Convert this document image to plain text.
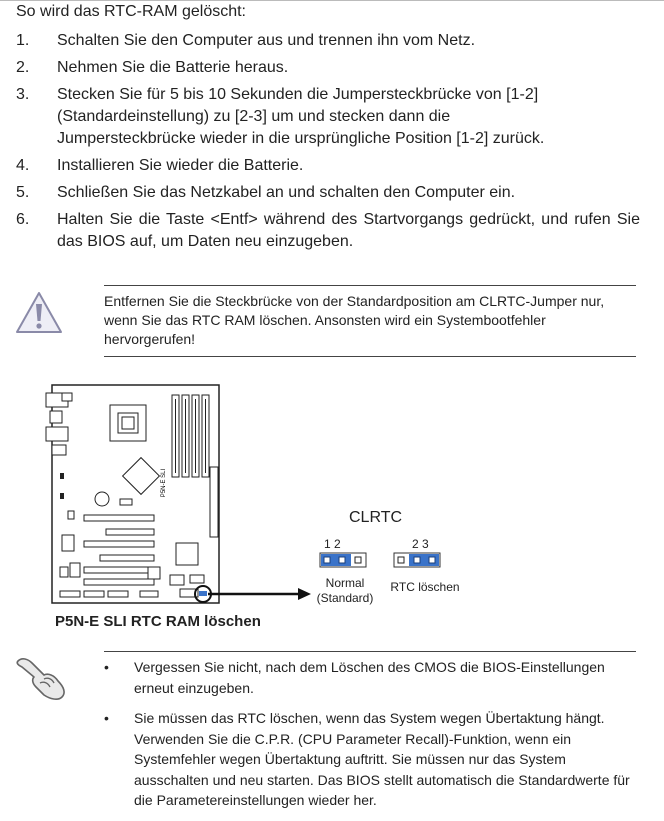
So wird das RTC-RAM gelöscht:
1. Schalten Sie den Computer aus und trennen ihn vom Netz.
2. Nehmen Sie die Batterie heraus.
3. Stecken Sie für 5 bis 10 Sekunden die Jumpersteckbrücke von [1-2] (Standardeinstellung) zu [2-3] um und stecken dann die Jumpersteckbrücke wieder in die ursprüngliche Position [1-2] zurück.
4. Installieren Sie wieder die Batterie.
5. Schließen Sie das Netzkabel an und schalten den Computer ein.
6. Halten Sie die Taste <Entf> während des Startvorgangs gedrückt, und rufen Sie das BIOS auf, um Daten neu einzugeben.
Entfernen Sie die Steckbrücke von der Standardposition am CLRTC-Jumper nur, wenn Sie das RTC RAM löschen. Ansonsten wird ein Systembootfehler hervorgerufen!
P5N-E SLI
P5N-E SLI RTC RAM löschen
CLRTC
1 2
Normal
(Standard)
2 3
RTC löschen
• Vergessen Sie nicht, nach dem Löschen des CMOS die BIOS-Einstellungen erneut einzugeben.
• Sie müssen das RTC löschen, wenn das System wegen Übertaktung hängt. Verwenden Sie die C.P.R. (CPU Parameter Recall)-Funktion, wenn ein Systemfehler wegen Übertaktung auftritt. Sie müssen nur das System ausschalten und neu starten. Das BIOS stellt automatisch die Standardwerte für die Parametereinstellungen wieder her.
